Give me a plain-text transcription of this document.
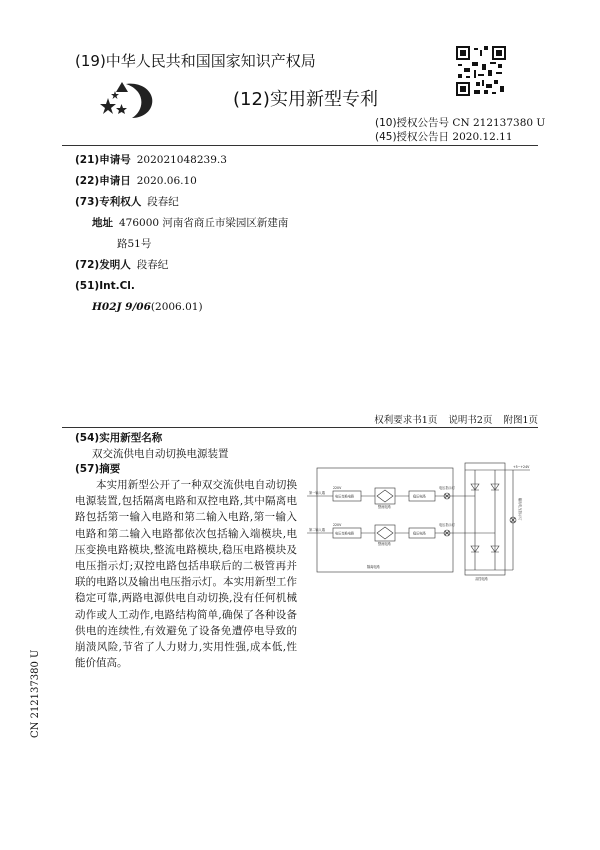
(19)中华人民共和国国家知识产权局
(12)实用新型专利
(10)授权公告号 CN 212137380 U
(45)授权公告日 2020.12.11
(21)申请号 202021048239.3
(22)申请日 2020.06.10
(73)专利权人 段春纪
地址 476000 河南省商丘市梁园区新建南
路51号
(72)发明人 段春纪
(51)Int.Cl.
H02J 9/06(2006.01)
权利要求书1页 说明书2页 附图1页
(54)实用新型名称
双交流供电自动切换电源装置
(57)摘要
本实用新型公开了一种双交流供电自动切换电源装置,包括隔离电路和双控电路,其中隔离电路包括第一输入电路和第二输入电路,第一输入电路和第二输入电路都依次包括输入端模块,电压变换电路模块,整流电路模块,稳压电路模块及电压指示灯;双控电路包括串联后的二极管再并联的电路以及输出电压指示灯。本实用新型工作稳定可靠,两路电源供电自动切换,没有任何机械动作或人工动作,电路结构简单,确保了各种设备供电的连续性,有效避免了设备免遭停电导致的崩溃风险,节省了人力财力,实用性强,成本低,性能价值高。
CN 212137380 U
+5~+24V
第一输入端
第二输入端
220V
220V
电压变换电路
电压变换电路
整流电路
整流电路
稳压电路
稳压电路
电压指示灯
电压指示灯
隔离电路
双控电路
输出电压指示灯
